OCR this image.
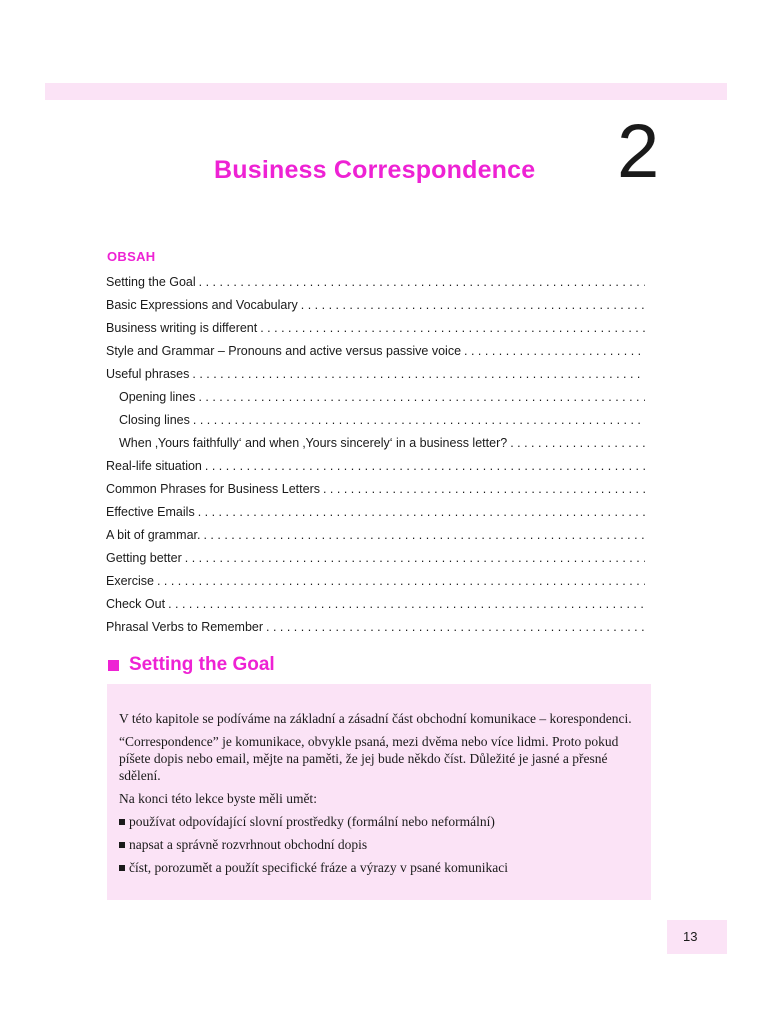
Business Correspondence 2
OBSAH
Setting the Goal
. . .
Basic Expressions and Vocabulary
. . .
Business writing is different
. . .
Style and Grammar – Pronouns and active versus passive voice
. . .
Useful phrases
. . .
Opening lines
. . .
Closing lines
. . .
When ‚Yours faithfully‘ and when ‚Yours sincerely‘ in a business letter?
. . .
Real-life situation
. . .
Common Phrases for Business Letters
. . .
Effective Emails
. . .
A bit of grammar.
. . .
Getting better
. . .
Exercise
. . .
Check Out
. . .
Phrasal Verbs to Remember
. . .
Setting the Goal

V této kapitole se podíváme na základní a zásadní část obchodní komunikace – korespondenci.

“Correspondence” je komunikace, obvykle psaná, mezi dvěma nebo více lidmi. Proto pokud píšete dopis nebo email, mějte na paměti, že jej bude někdo číst. Důležité je jasné a přesné sdělení.

Na konci této lekce byste měli umět:

používat odpovídající slovní prostředky (formální nebo neformální)
napsat a správně rozvrhnout obchodní dopis
číst, porozumět a použít specifické fráze a výrazy v psané komunikaci
13
